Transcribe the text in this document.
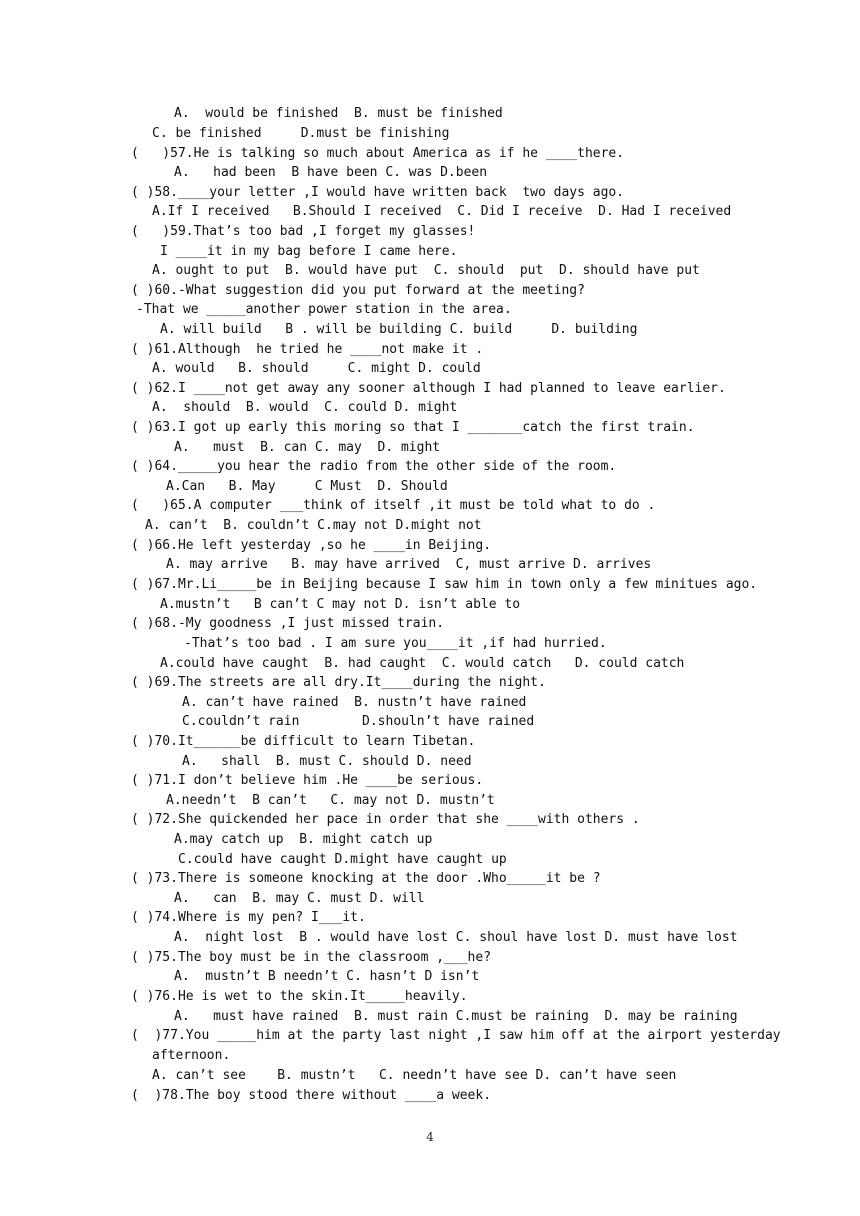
A.  would be finished  B. must be finished
C. be finished     D.must be finishing
(   )57.He is talking so much about America as if he ____there.
A.   had been  B have been C. was D.been
( )58.____your letter ,I would have written back  two days ago.
A.If I received   B.Should I received  C. Did I receive  D. Had I received
(   )59.That’s too bad ,I forget my glasses!
I ____it in my bag before I came here.
A. ought to put  B. would have put  C. should  put  D. should have put
( )60.-What suggestion did you put forward at the meeting?
-That we _____another power station in the area.
A. will build   B . will be building C. build     D. building
( )61.Although  he tried he ____not make it .
A. would   B. should     C. might D. could
( )62.I ____not get away any sooner although I had planned to leave earlier.
A.  should  B. would  C. could D. might
( )63.I got up early this moring so that I _______catch the first train.
A.   must  B. can C. may  D. might
( )64._____you hear the radio from the other side of the room.
A.Can   B. May     C Must  D. Should
(   )65.A computer ___think of itself ,it must be told what to do .
A. can’t  B. couldn’t C.may not D.might not
( )66.He left yesterday ,so he ____in Beijing.
A. may arrive   B. may have arrived  C, must arrive D. arrives
( )67.Mr.Li_____be in Beijing because I saw him in town only a few minitues ago.
A.mustn’t   B can’t C may not D. isn’t able to
( )68.-My goodness ,I just missed train.
-That’s too bad . I am sure you____it ,if had hurried.
A.could have caught  B. had caught  C. would catch   D. could catch
( )69.The streets are all dry.It____during the night.
A. can’t have rained  B. nustn’t have rained
C.couldn’t rain        D.shouln’t have rained
( )70.It______be difficult to learn Tibetan.
A.   shall  B. must C. should D. need
( )71.I don’t believe him .He ____be serious.
A.needn’t  B can’t   C. may not D. mustn’t
( )72.She quickended her pace in order that she ____with others .
A.may catch up  B. might catch up
C.could have caught D.might have caught up
( )73.There is someone knocking at the door .Who_____it be ?
A.   can  B. may C. must D. will
( )74.Where is my pen? I___it.
A.  night lost  B . would have lost C. shoul have lost D. must have lost
( )75.The boy must be in the classroom ,___he?
A.  mustn’t B needn’t C. hasn’t D isn’t
( )76.He is wet to the skin.It_____heavily.
A.   must have rained  B. must rain C.must be raining  D. may be raining
(  )77.You _____him at the party last night ,I saw him off at the airport yesterday
afternoon.
A. can’t see    B. mustn’t   C. needn’t have see D. can’t have seen
(  )78.The boy stood there without ____a week.
4
